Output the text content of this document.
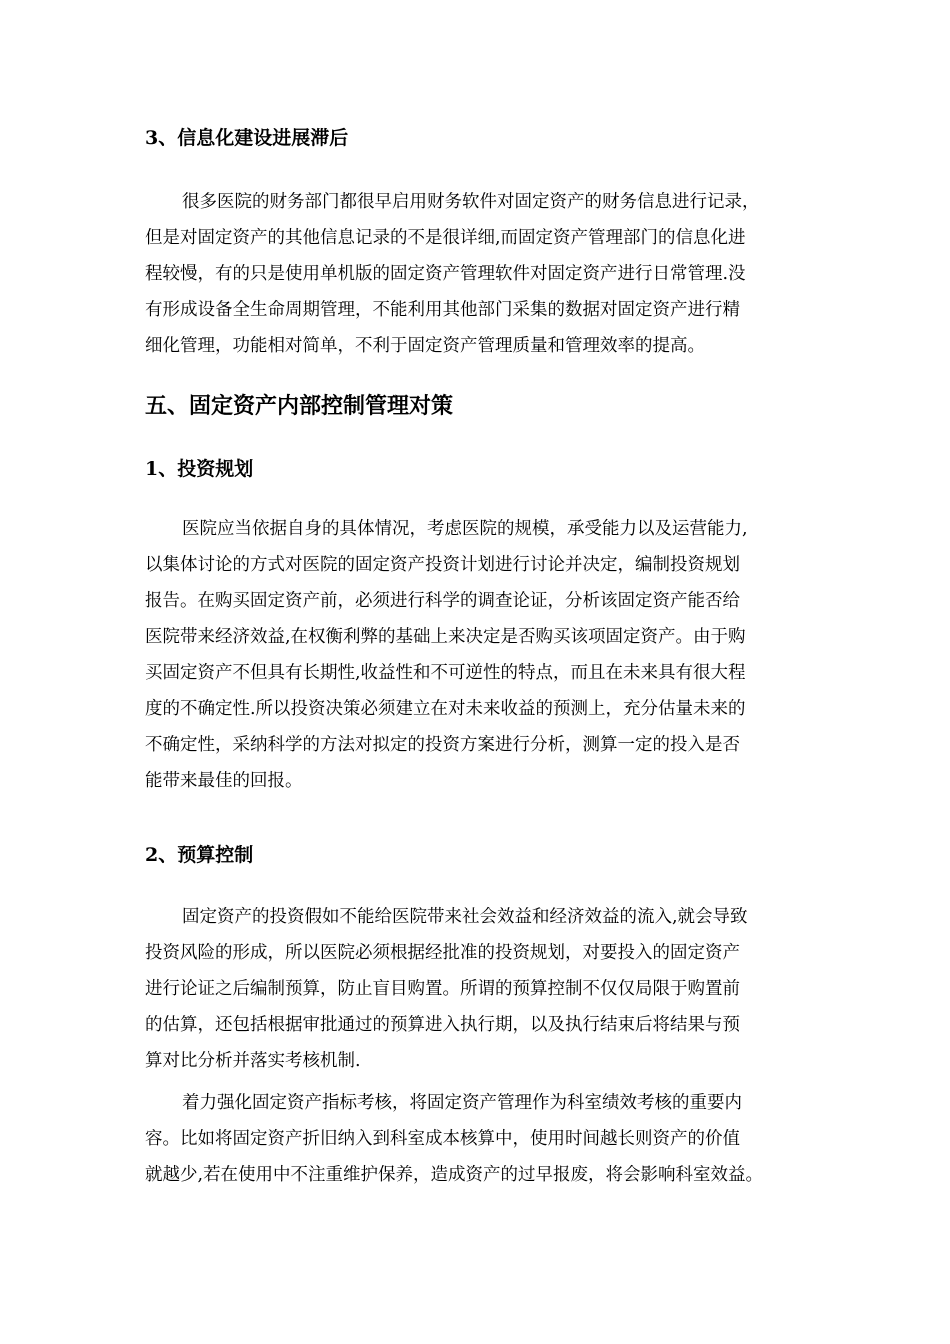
3、信息化建设进展滞后
很多医院的财务部门都很早启用财务软件对固定资产的财务信息进行记录，
但是对固定资产的其他信息记录的不是很详细,而固定资产管理部门的信息化进
程较慢，有的只是使用单机版的固定资产管理软件对固定资产进行日常管理.没
有形成设备全生命周期管理，不能利用其他部门采集的数据对固定资产进行精
细化管理，功能相对简单，不利于固定资产管理质量和管理效率的提高。
五、固定资产内部控制管理对策
1、投资规划
医院应当依据自身的具体情况，考虑医院的规模，承受能力以及运营能力,
以集体讨论的方式对医院的固定资产投资计划进行讨论并决定，编制投资规划
报告。在购买固定资产前，必须进行科学的调查论证，分析该固定资产能否给
医院带来经济效益,在权衡利弊的基础上来决定是否购买该项固定资产。由于购
买固定资产不但具有长期性,收益性和不可逆性的特点，而且在未来具有很大程
度的不确定性.所以投资决策必须建立在对未来收益的预测上，充分估量未来的
不确定性，采纳科学的方法对拟定的投资方案进行分析，测算一定的投入是否
能带来最佳的回报。
2、预算控制
固定资产的投资假如不能给医院带来社会效益和经济效益的流入,就会导致
投资风险的形成，所以医院必须根据经批准的投资规划，对要投入的固定资产
进行论证之后编制预算，防止盲目购置。所谓的预算控制不仅仅局限于购置前
的估算，还包括根据审批通过的预算进入执行期，以及执行结束后将结果与预
算对比分析并落实考核机制.
着力强化固定资产指标考核，将固定资产管理作为科室绩效考核的重要内
容。比如将固定资产折旧纳入到科室成本核算中，使用时间越长则资产的价值
就越少,若在使用中不注重维护保养，造成资产的过早报废，将会影响科室效益。
